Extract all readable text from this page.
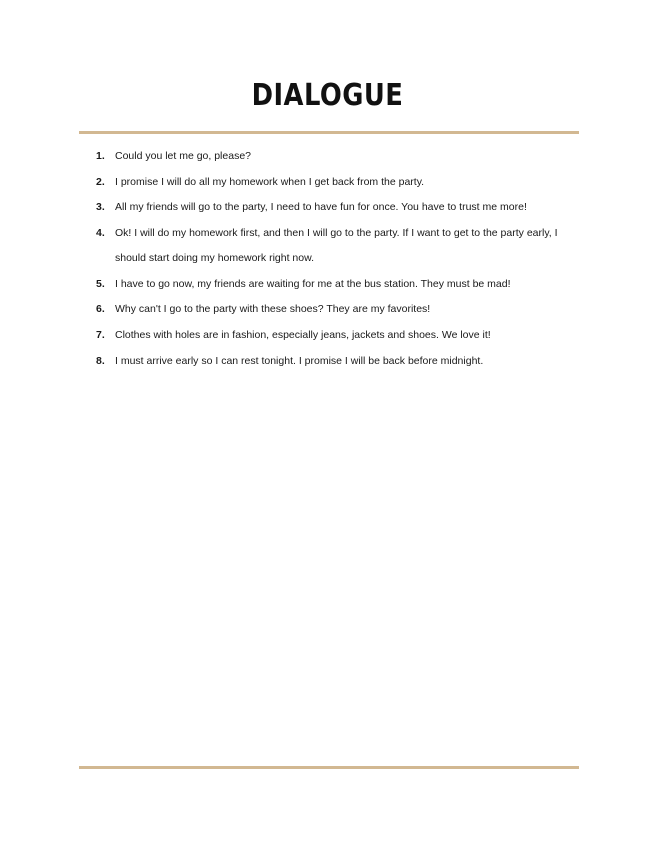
DIALOGUE
1. Could you let me go, please?
2. I promise I will do all my homework when I get back from the party.
3. All my friends will go to the party, I need to have fun for once. You have to trust me more!
4. Ok! I will do my homework first, and then I will go to the party. If I want to get to the party early, I should start doing my homework right now.
5. I have to go now, my friends are waiting for me at the bus station. They must be mad!
6. Why can't I go to the party with these shoes? They are my favorites!
7. Clothes with holes are in fashion, especially jeans, jackets and shoes. We love it!
8. I must arrive early so I can rest tonight. I promise I will be back before midnight.
